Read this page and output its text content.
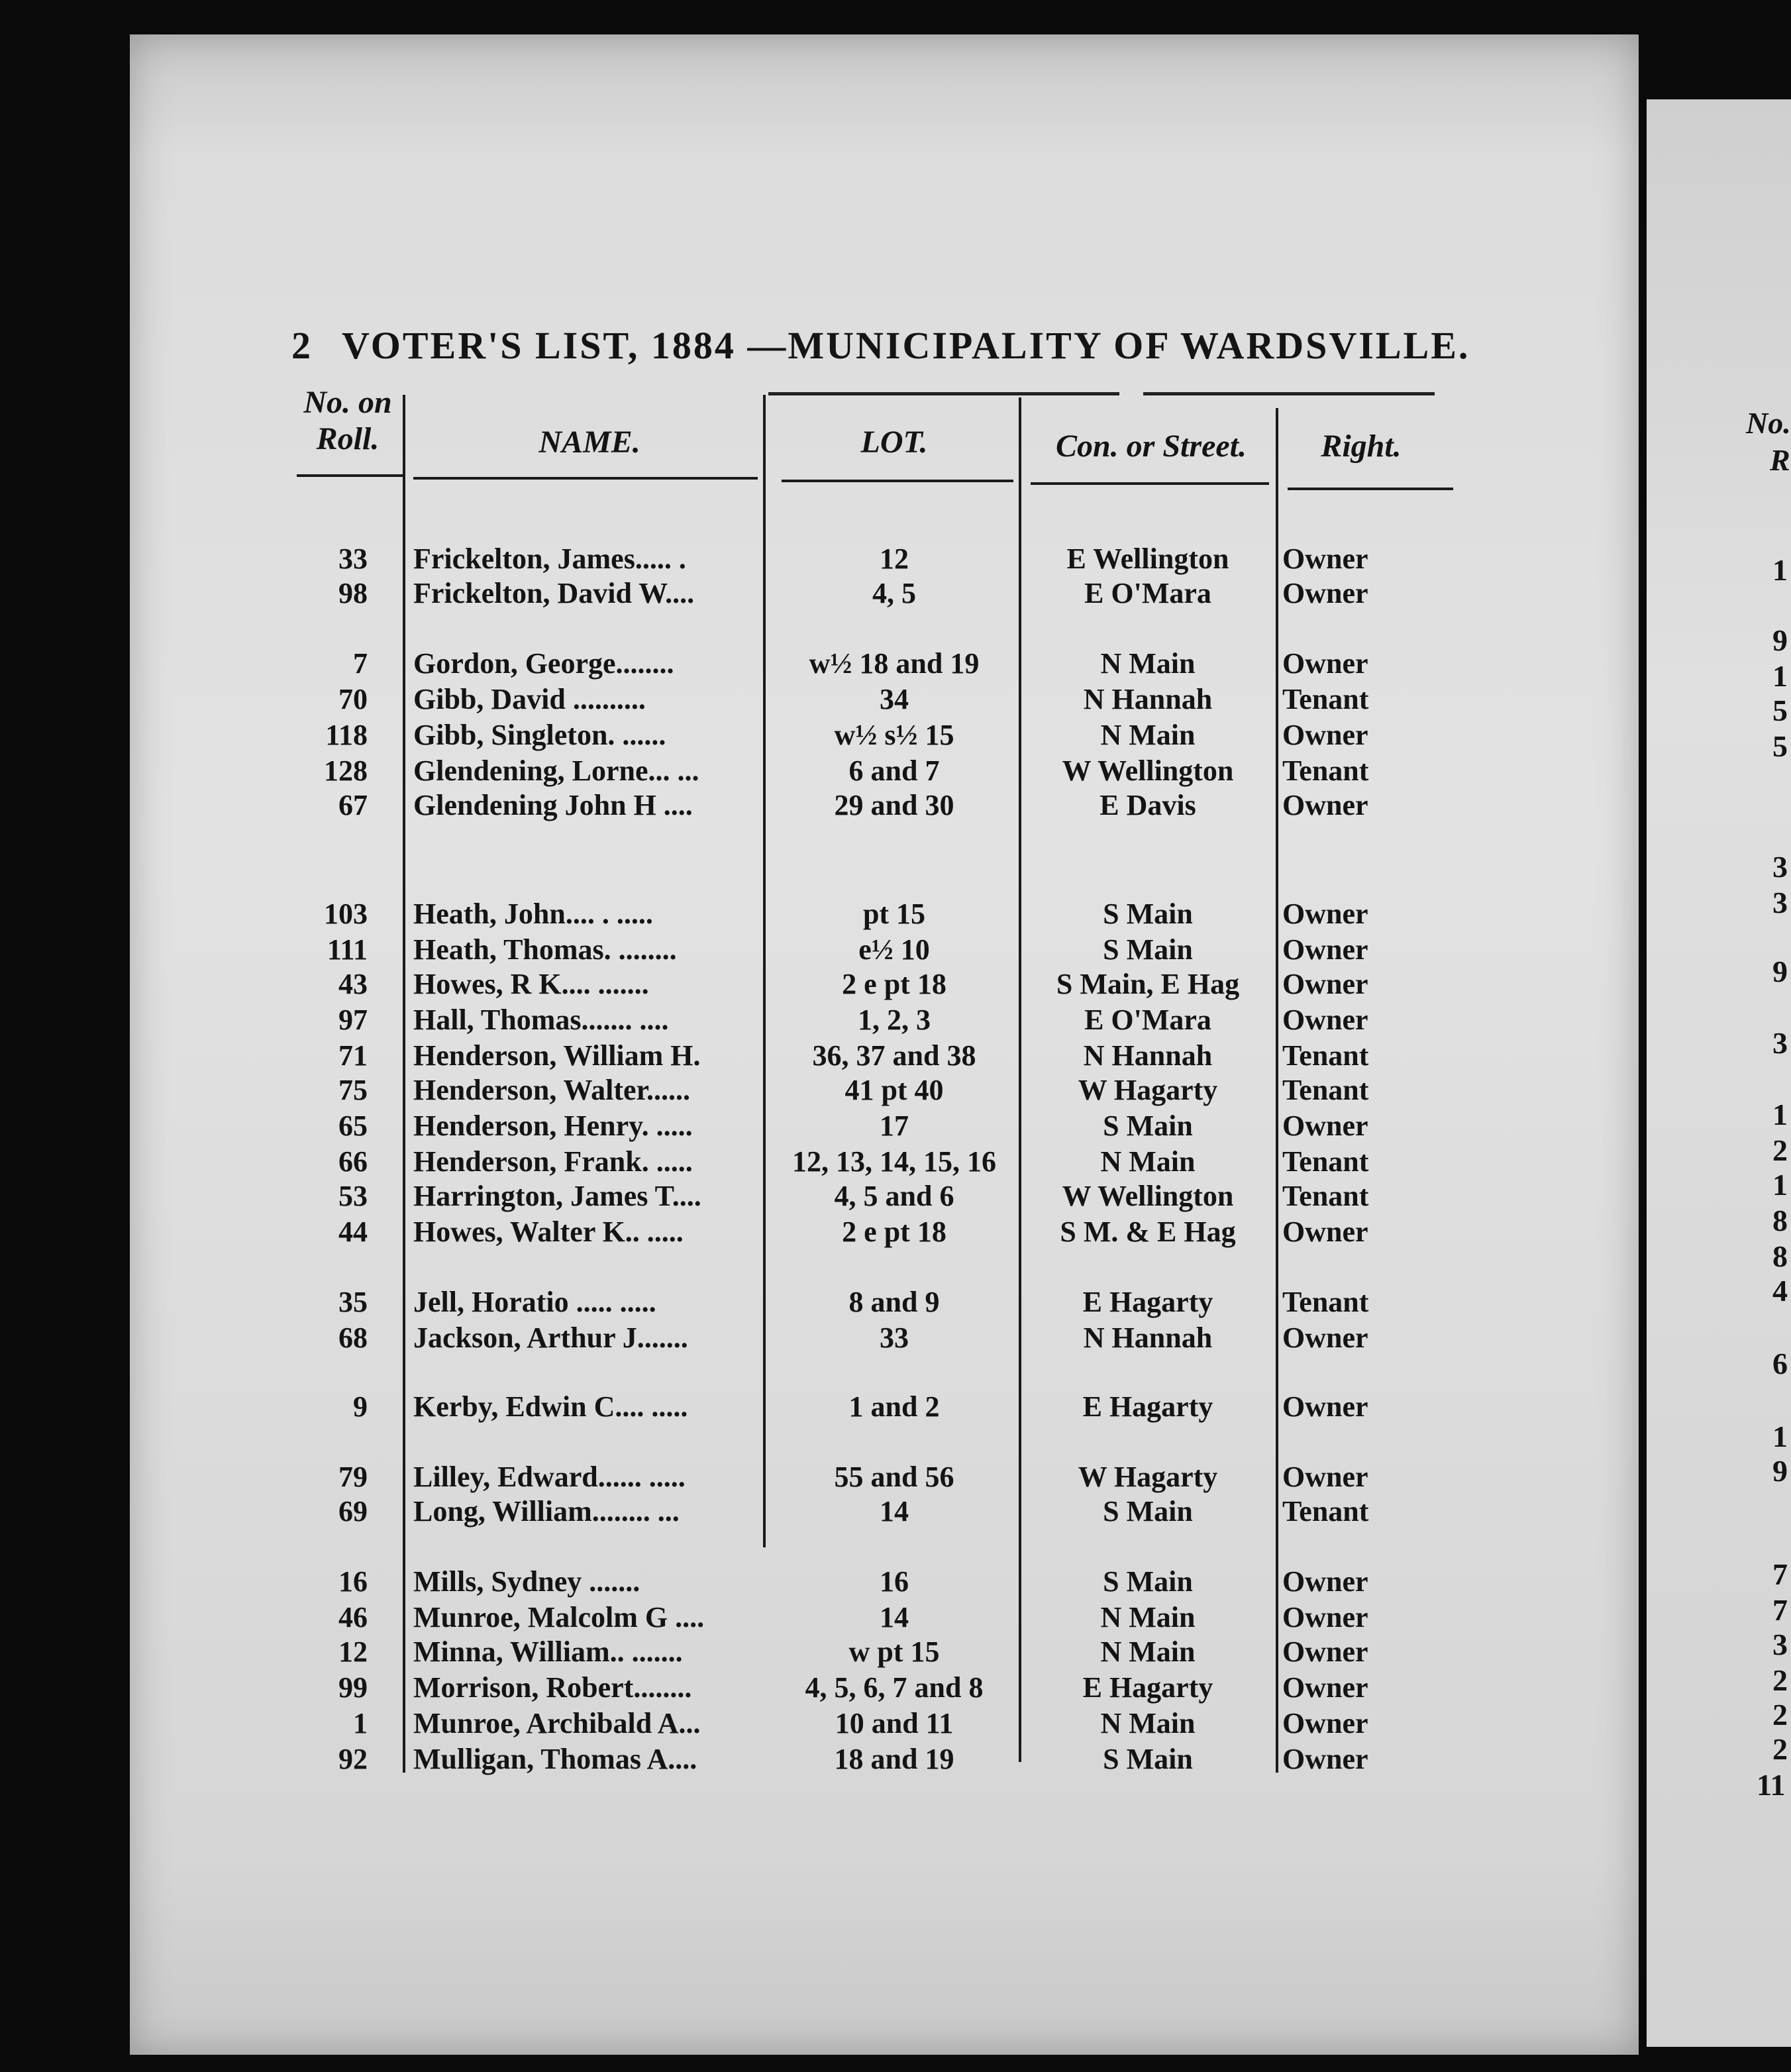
2 VOTER'S LIST, 1884 —MUNICIPALITY OF WARDSVILLE.
No. on
Roll.	NAME.	LOT.	Con. or Street.	Right.
33 Frickelton, James..... .	12	E Wellington	Owner
98 Frickelton, David W....	4, 5	E O'Mara	Owner
7 Gordon, George........	w½ 18 and 19	N Main	Owner
70 Gibb, David ..........	34	N Hannah	Tenant
118 Gibb, Singleton. ......	w½ s½ 15	N Main	Owner
128 Glendening, Lorne... ...	6 and 7	W Wellington	Tenant
67 Glendening John H ....	29 and 30	E Davis	Owner
103 Heath, John.... . .....	pt 15	S Main	Owner
111 Heath, Thomas. ........	e½ 10	S Main	Owner
43 Howes, R K.... .......	2 e pt 18	S Main, E Hag	Owner
97 Hall, Thomas....... ....	1, 2, 3	E O'Mara	Owner
71 Henderson, William H.	36, 37 and 38	N Hannah	Tenant
75 Henderson, Walter......	41 pt 40	W Hagarty	Tenant
65 Henderson, Henry. .....	17	S Main	Owner
66 Henderson, Frank. .....	12, 13, 14, 15, 16	N Main	Tenant
53 Harrington, James T....	4, 5 and 6	W Wellington	Tenant
44 Howes, Walter K.. .....	2 e pt 18	S M. & E Hag	Owner
35 Jell, Horatio ..... .....	8 and 9	E Hagarty	Tenant
68 Jackson, Arthur J.......	33	N Hannah	Owner
9 Kerby, Edwin C.... .....	1 and 2	E Hagarty	Owner
79 Lilley, Edward...... .....	55 and 56	W Hagarty	Owner
69 Long, William........ ...	14	S Main	Tenant
16 Mills, Sydney .......	16	S Main	Owner
46 Munroe, Malcolm G ....	14	N Main	Owner
12 Minna, William.. .......	w pt 15	N Main	Owner
99 Morrison, Robert........	4, 5, 6, 7 and 8	E Hagarty	Owner
1 Munroe, Archibald A...	10 and 11	N Main	Owner
92 Mulligan, Thomas A....	18 and 19	S Main	Owner
No.
R
1
9
1
5
5
3
3
9
3
1
2
1
8
8
4
6
1
9
7
7
3
2
2
2
11
